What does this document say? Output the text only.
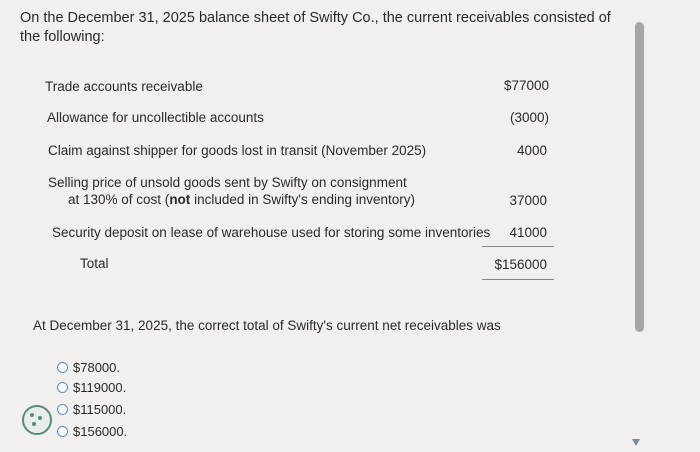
On the December 31, 2025 balance sheet of Swifty Co., the current receivables consisted of the following:
Trade accounts receivable	$77000
Allowance for uncollectible accounts	(3000)
Claim against shipper for goods lost in transit (November 2025)	4000
Selling price of unsold goods sent by Swifty on consignment
at 130% of cost (not included in Swifty's ending inventory)	37000
Security deposit on lease of warehouse used for storing some inventories 41000
Total	$156000
At December 31, 2025, the correct total of Swifty's current net receivables was
$78000.
$119000.
$115000.
$156000.
